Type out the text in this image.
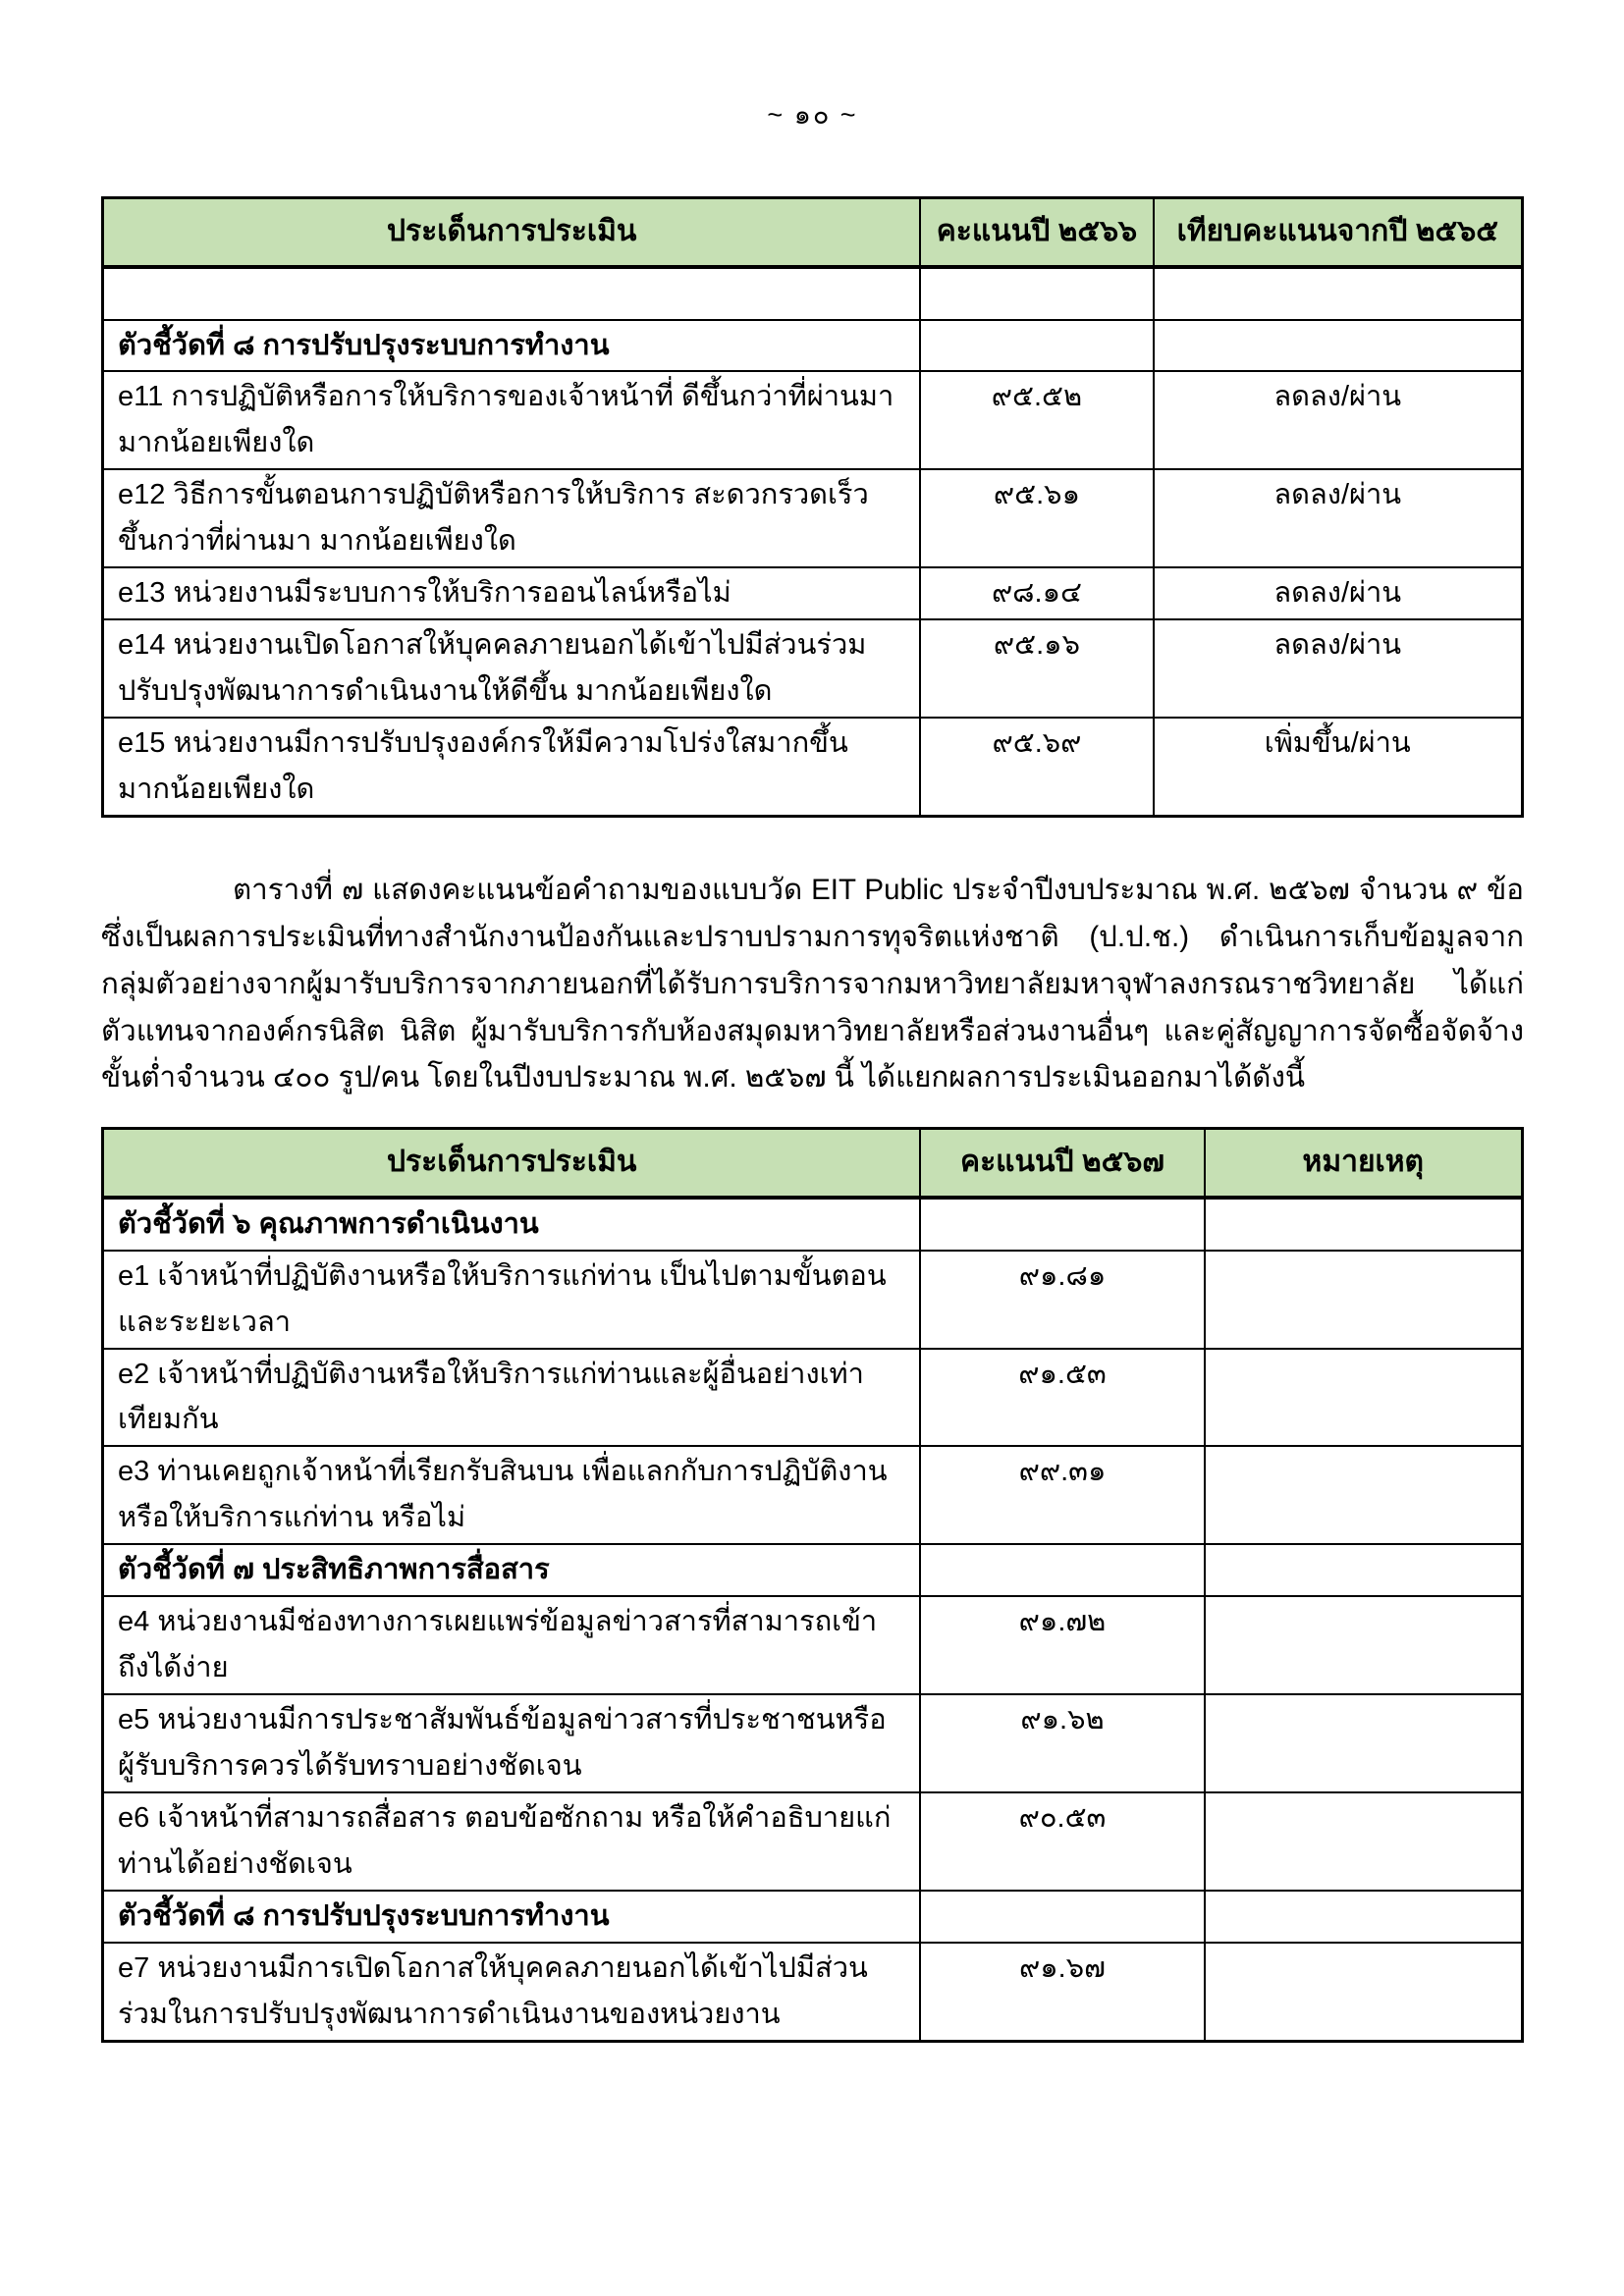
~ ๑๐ ~
ประเด็นการประเมิน	คะแนนปี ๒๕๖๖	เทียบคะแนนจากปี ๒๕๖๕

ตัวชี้วัดที่ ๘ การปรับปรุงระบบการทำงาน		
e11 การปฏิบัติหรือการให้บริการของเจ้าหน้าที่ ดีขึ้นกว่าที่ผ่านมา มากน้อยเพียงใด	๙๕.๕๒	ลดลง/ผ่าน
e12 วิธีการขั้นตอนการปฏิบัติหรือการให้บริการ สะดวกรวดเร็วขึ้นกว่าที่ผ่านมา มากน้อยเพียงใด	๙๕.๖๑	ลดลง/ผ่าน
e13 หน่วยงานมีระบบการให้บริการออนไลน์หรือไม่	๙๘.๑๔	ลดลง/ผ่าน
e14 หน่วยงานเปิดโอกาสให้บุคคลภายนอกได้เข้าไปมีส่วนร่วมปรับปรุงพัฒนาการดำเนินงานให้ดีขึ้น มากน้อยเพียงใด	๙๕.๑๖	ลดลง/ผ่าน
e15 หน่วยงานมีการปรับปรุงองค์กรให้มีความโปร่งใสมากขึ้น มากน้อยเพียงใด	๙๕.๖๙	เพิ่มขึ้น/ผ่าน

ตารางที่ ๗ แสดงคะแนนข้อคำถามของแบบวัด EIT Public ประจำปีงบประมาณ พ.ศ. ๒๕๖๗ จำนวน ๙ ข้อ ซึ่งเป็นผลการประเมินที่ทางสำนักงานป้องกันและปราบปรามการทุจริตแห่งชาติ (ป.ป.ช.) ดำเนินการเก็บข้อมูลจาก กลุ่มตัวอย่างจากผู้มารับบริการจากภายนอกที่ได้รับการบริการจากมหาวิทยาลัยมหาจุฬาลงกรณราชวิทยาลัย ได้แก่ ตัวแทนจากองค์กรนิสิต นิสิต ผู้มารับบริการกับห้องสมุดมหาวิทยาลัยหรือส่วนงานอื่นๆ และคู่สัญญาการจัดซื้อจัดจ้าง ขั้นต่ำจำนวน ๔๐๐ รูป/คน โดยในปีงบประมาณ พ.ศ. ๒๕๖๗ นี้ ได้แยกผลการประเมินออกมาได้ดังนี้

ประเด็นการประเมิน	คะแนนปี ๒๕๖๗	หมายเหตุ
ตัวชี้วัดที่ ๖ คุณภาพการดำเนินงาน		
e1 เจ้าหน้าที่ปฏิบัติงานหรือให้บริการแก่ท่าน เป็นไปตามขั้นตอนและระยะเวลา	๙๑.๘๑	
e2 เจ้าหน้าที่ปฏิบัติงานหรือให้บริการแก่ท่านและผู้อื่นอย่างเท่าเทียมกัน	๙๑.๕๓	
e3 ท่านเคยถูกเจ้าหน้าที่เรียกรับสินบน เพื่อแลกกับการปฏิบัติงานหรือให้บริการแก่ท่าน หรือไม่	๙๙.๓๑	
ตัวชี้วัดที่ ๗ ประสิทธิภาพการสื่อสาร		
e4 หน่วยงานมีช่องทางการเผยแพร่ข้อมูลข่าวสารที่สามารถเข้าถึงได้ง่าย	๙๑.๗๒	
e5 หน่วยงานมีการประชาสัมพันธ์ข้อมูลข่าวสารที่ประชาชนหรือผู้รับบริการควรได้รับทราบอย่างชัดเจน	๙๑.๖๒	
e6 เจ้าหน้าที่สามารถสื่อสาร ตอบข้อซักถาม หรือให้คำอธิบายแก่ท่านได้อย่างชัดเจน	๙๐.๕๓	
ตัวชี้วัดที่ ๘ การปรับปรุงระบบการทำงาน		
e7 หน่วยงานมีการเปิดโอกาสให้บุคคลภายนอกได้เข้าไปมีส่วนร่วมในการปรับปรุงพัฒนาการดำเนินงานของหน่วยงาน	๙๑.๖๗	
